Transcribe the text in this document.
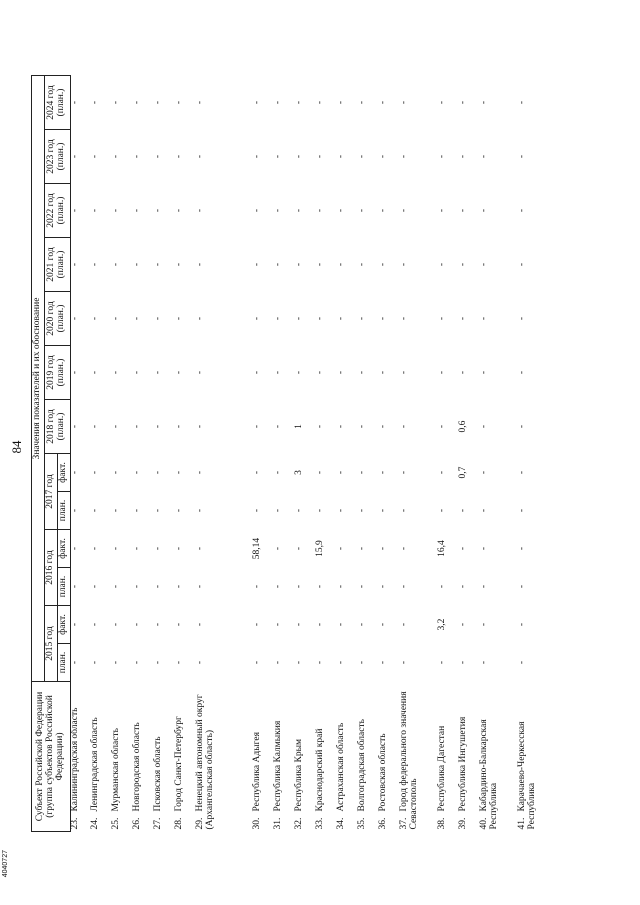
84
Субъект Российской Федерации (группа субъектов Российской Федерации)	Значения показателей и их обоснование												
	2015 год		2016 год		2017 год		2018 год (план.)	2019 год (план.)	2020 год (план.)	2021 год (план.)	2022 год (план.)	2023 год (план.)	2024 год (план.)
	план.	факт.	план.	факт.	план.	факт.							
23.Калининградская область	-	-	-	-	-	-	-	-	-	-	-	-	-
24.Ленинградская область	-	-	-	-	-	-	-	-	-	-	-	-	-
25.Мурманская область	-	-	-	-	-	-	-	-	-	-	-	-	-
26.Новгородская область	-	-	-	-	-	-	-	-	-	-	-	-	-
27.Псковская область	-	-	-	-	-	-	-	-	-	-	-	-	-
28.Город Санкт-Петербург	-	-	-	-	-	-	-	-	-	-	-	-	-
29.Ненецкий автономный округ (Архангельская область)	-	-	-	-	-	-	-	-	-	-	-	-	-
30.Республика Адыгея	-	-	-	58,14	-	-	-	-	-	-	-	-	-
31.Республика Калмыкия	-	-	-	-	-	-	-	-	-	-	-	-	-
32.Республика Крым	-	-	-	-	-	3	1	-	-	-	-	-	-
33.Краснодарский край	-	-	-	15,9	-	-	-	-	-	-	-	-	-
34.Астраханская область	-	-	-	-	-	-	-	-	-	-	-	-	-
35.Волгоградская область	-	-	-	-	-	-	-	-	-	-	-	-	-
36.Ростовская область	-	-	-	-	-	-	-	-	-	-	-	-	-
37.Город федерального значения Севастополь	-	-	-	-	-	-	-	-	-	-	-	-	-
38.Республика Дагестан	-	3,2	-	16,4	-	-	-	-	-	-	-	-	-
39.Республика Ингушетия	-	-	-	-	-	0,7	0,6	-	-	-	-	-	-
40.Кабардино-Балкарская Республика	-	-	-	-	-	-	-	-	-	-	-	-	-
41.Карачаево-Черкесская Республика	-	-	-	-	-	-	-	-	-	-	-	-	-
4040727
